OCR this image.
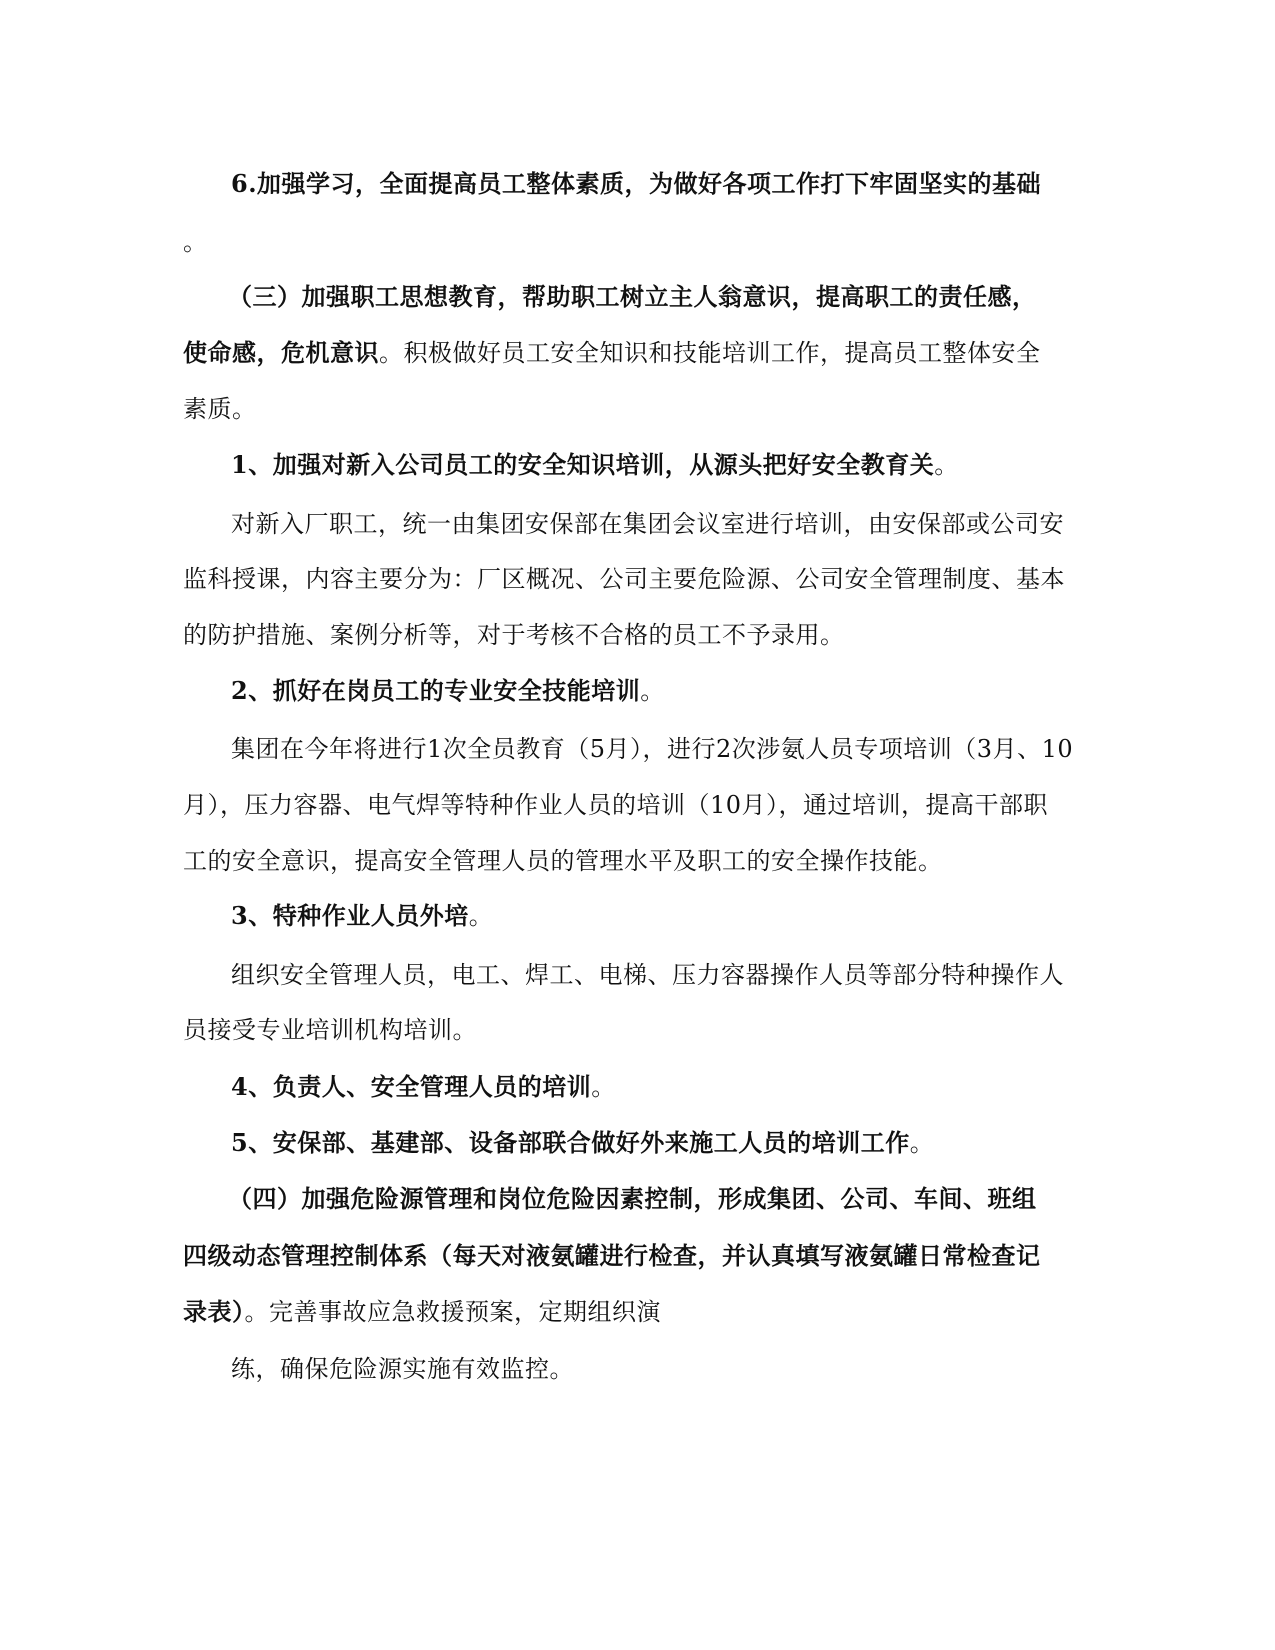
6.加强学习，全面提高员工整体素质，为做好各项工作打下牢固坚实的基础
。
（三）加强职工思想教育，帮助职工树立主人翁意识，提高职工的责任感，
使命感，危机意识。积极做好员工安全知识和技能培训工作，提高员工整体安全
素质。
1、加强对新入公司员工的安全知识培训，从源头把好安全教育关。
对新入厂职工，统一由集团安保部在集团会议室进行培训，由安保部或公司安
监科授课，内容主要分为：厂区概况、公司主要危险源、公司安全管理制度、基本
的防护措施、案例分析等，对于考核不合格的员工不予录用。
2、抓好在岗员工的专业安全技能培训。
集团在今年将进行1次全员教育（5月），进行2次涉氨人员专项培训（3月、10
月），压力容器、电气焊等特种作业人员的培训（10月），通过培训，提高干部职
工的安全意识，提高安全管理人员的管理水平及职工的安全操作技能。
3、特种作业人员外培。
组织安全管理人员，电工、焊工、电梯、压力容器操作人员等部分特种操作人
员接受专业培训机构培训。
4、负责人、安全管理人员的培训。
5、安保部、基建部、设备部联合做好外来施工人员的培训工作。
（四）加强危险源管理和岗位危险因素控制，形成集团、公司、车间、班组
四级动态管理控制体系（每天对液氨罐进行检查，并认真填写液氨罐日常检查记
录表）。完善事故应急救援预案，定期组织演
练，确保危险源实施有效监控。
